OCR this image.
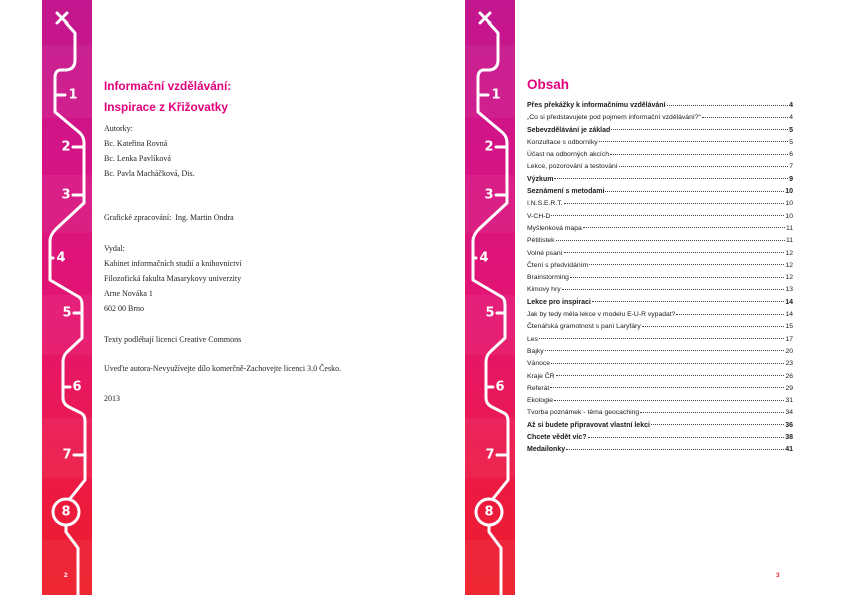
1
2
3
4
5
6
7
8
2
Informační vzdělávání:
Inspirace z Křižovatky
Autorky:
Bc. Kateřina Rovná
Bc. Lenka Pavlíková
Bc. Pavla Macháčková, Dis.
Grafické zpracování:  Ing. Martin Ondra
Vydal:
Kabinet informačních studií a knihovnictví
Filozofická fakulta Masarykovy univerzity
Arne Nováka 1
602 00 Brno
Texty podléhají licenci Creative Commons
Uveďte autora-Nevyužívejte dílo komerčně-Zachovejte licenci 3.0 Česko.
2013
1
2
3
4
5
6
7
8
3
Obsah
Přes překážky k informačnímu vzdělávání	4
„Co si představujete pod pojmem informační vzdělávání?“	4
Sebevzdělávání je základ	5
Konzultace s odborníky	5
Účast na odborných akcích	6
Lekce, pozorování a testování	7
Výzkum	9
Seznámení s metodami	10
I.N.S.E.R.T.	10
V-CH-D	10
Myšlenková mapa	11
Pětilístek	11
Volné psaní	12
Čtení s předvídáním	12
Brainstorming	12
Kimovy hry	13
Lekce pro inspiraci	14
Jak by tedy měla lekce v modelu E-U-R vypadat?	14
Čtenářská gramotnost s paní Laryfáry	15
Les	17
Bajky	20
Vánoce	23
Kraje ČR	26
Referát	29
Ekologie	31
Tvorba poznámek - téma geocaching	34
Až si budete připravovat vlastní lekci	36
Chcete vědět víc?	38
Medailonky	41
